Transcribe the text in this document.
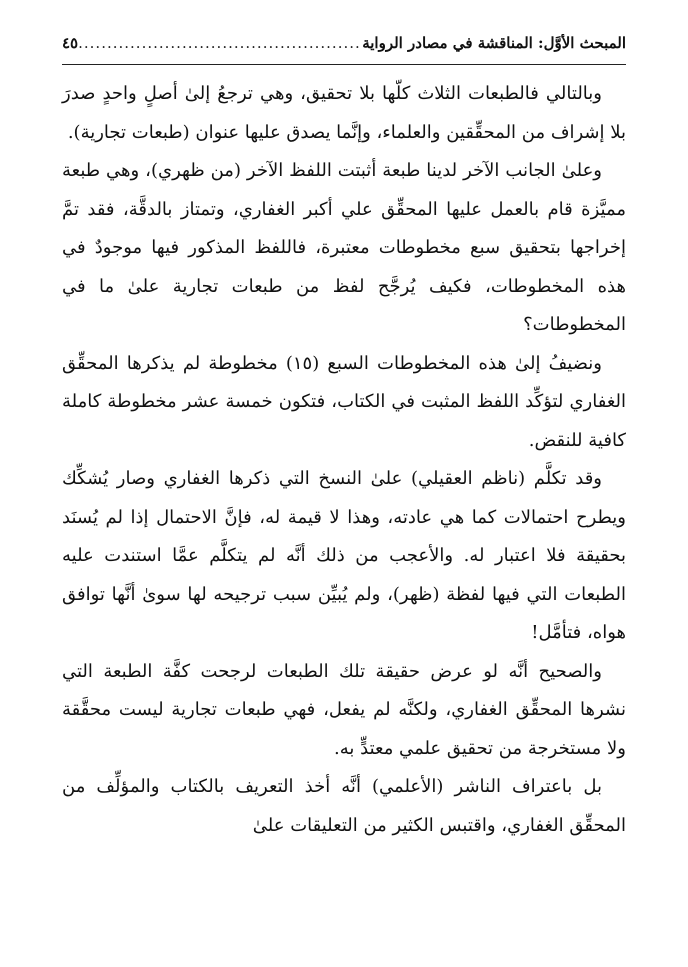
المبحث الأوَّل: المناقشة في مصادر الرواية
.....
٤٥

وبالتالي فالطبعات الثلاث كلّها بلا تحقيق، وهي ترجعُ إلىٰ أصلٍ واحدٍ صدرَ بلا إشراف من المحقِّقين والعلماء، وإنَّما يصدق عليها عنوان (طبعات تجارية).

وعلىٰ الجانب الآخر لدينا طبعة أثبتت اللفظ الآخر (من ظهري)، وهي طبعة مميَّزة قام بالعمل عليها المحقِّق علي أكبر الغفاري، وتمتاز بالدقَّة، فقد تمَّ إخراجها بتحقيق سبع مخطوطات معتبرة، فاللفظ المذكور فيها موجودٌ في هذه المخطوطات، فكيف يُرجَّح لفظ من طبعات تجارية علىٰ ما في المخطوطات؟

ونضيفُ إلىٰ هذه المخطوطات السبع (١٥) مخطوطة لم يذكرها المحقِّق الغفاري لتؤكِّد اللفظ المثبت في الكتاب، فتكون خمسة عشر مخطوطة كاملة كافية للنقض.

وقد تكلَّم (ناظم العقيلي) علىٰ النسخ التي ذكرها الغفاري وصار يُشكِّك ويطرح احتمالات كما هي عادته، وهذا لا قيمة له، فإنَّ الاحتمال إذا لم يُسنَد بحقيقة فلا اعتبار له. والأعجب من ذلك أنَّه لم يتكلَّم عمَّا استندت عليه الطبعات التي فيها لفظة (ظهر)، ولم يُبيِّن سبب ترجيحه لها سوىٰ أنَّها توافق هواه، فتأمَّل!

والصحيح أنَّه لو عرض حقيقة تلك الطبعات لرجحت كفَّة الطبعة التي نشرها المحقِّق الغفاري، ولكنَّه لم يفعل، فهي طبعات تجارية ليست محقَّقة ولا مستخرجة من تحقيق علمي معتدٍّ به.

بل باعتراف الناشر (الأعلمي) أنَّه أخذ التعريف بالكتاب والمؤلِّف من المحقِّق الغفاري، واقتبس الكثير من التعليقات علىٰ
